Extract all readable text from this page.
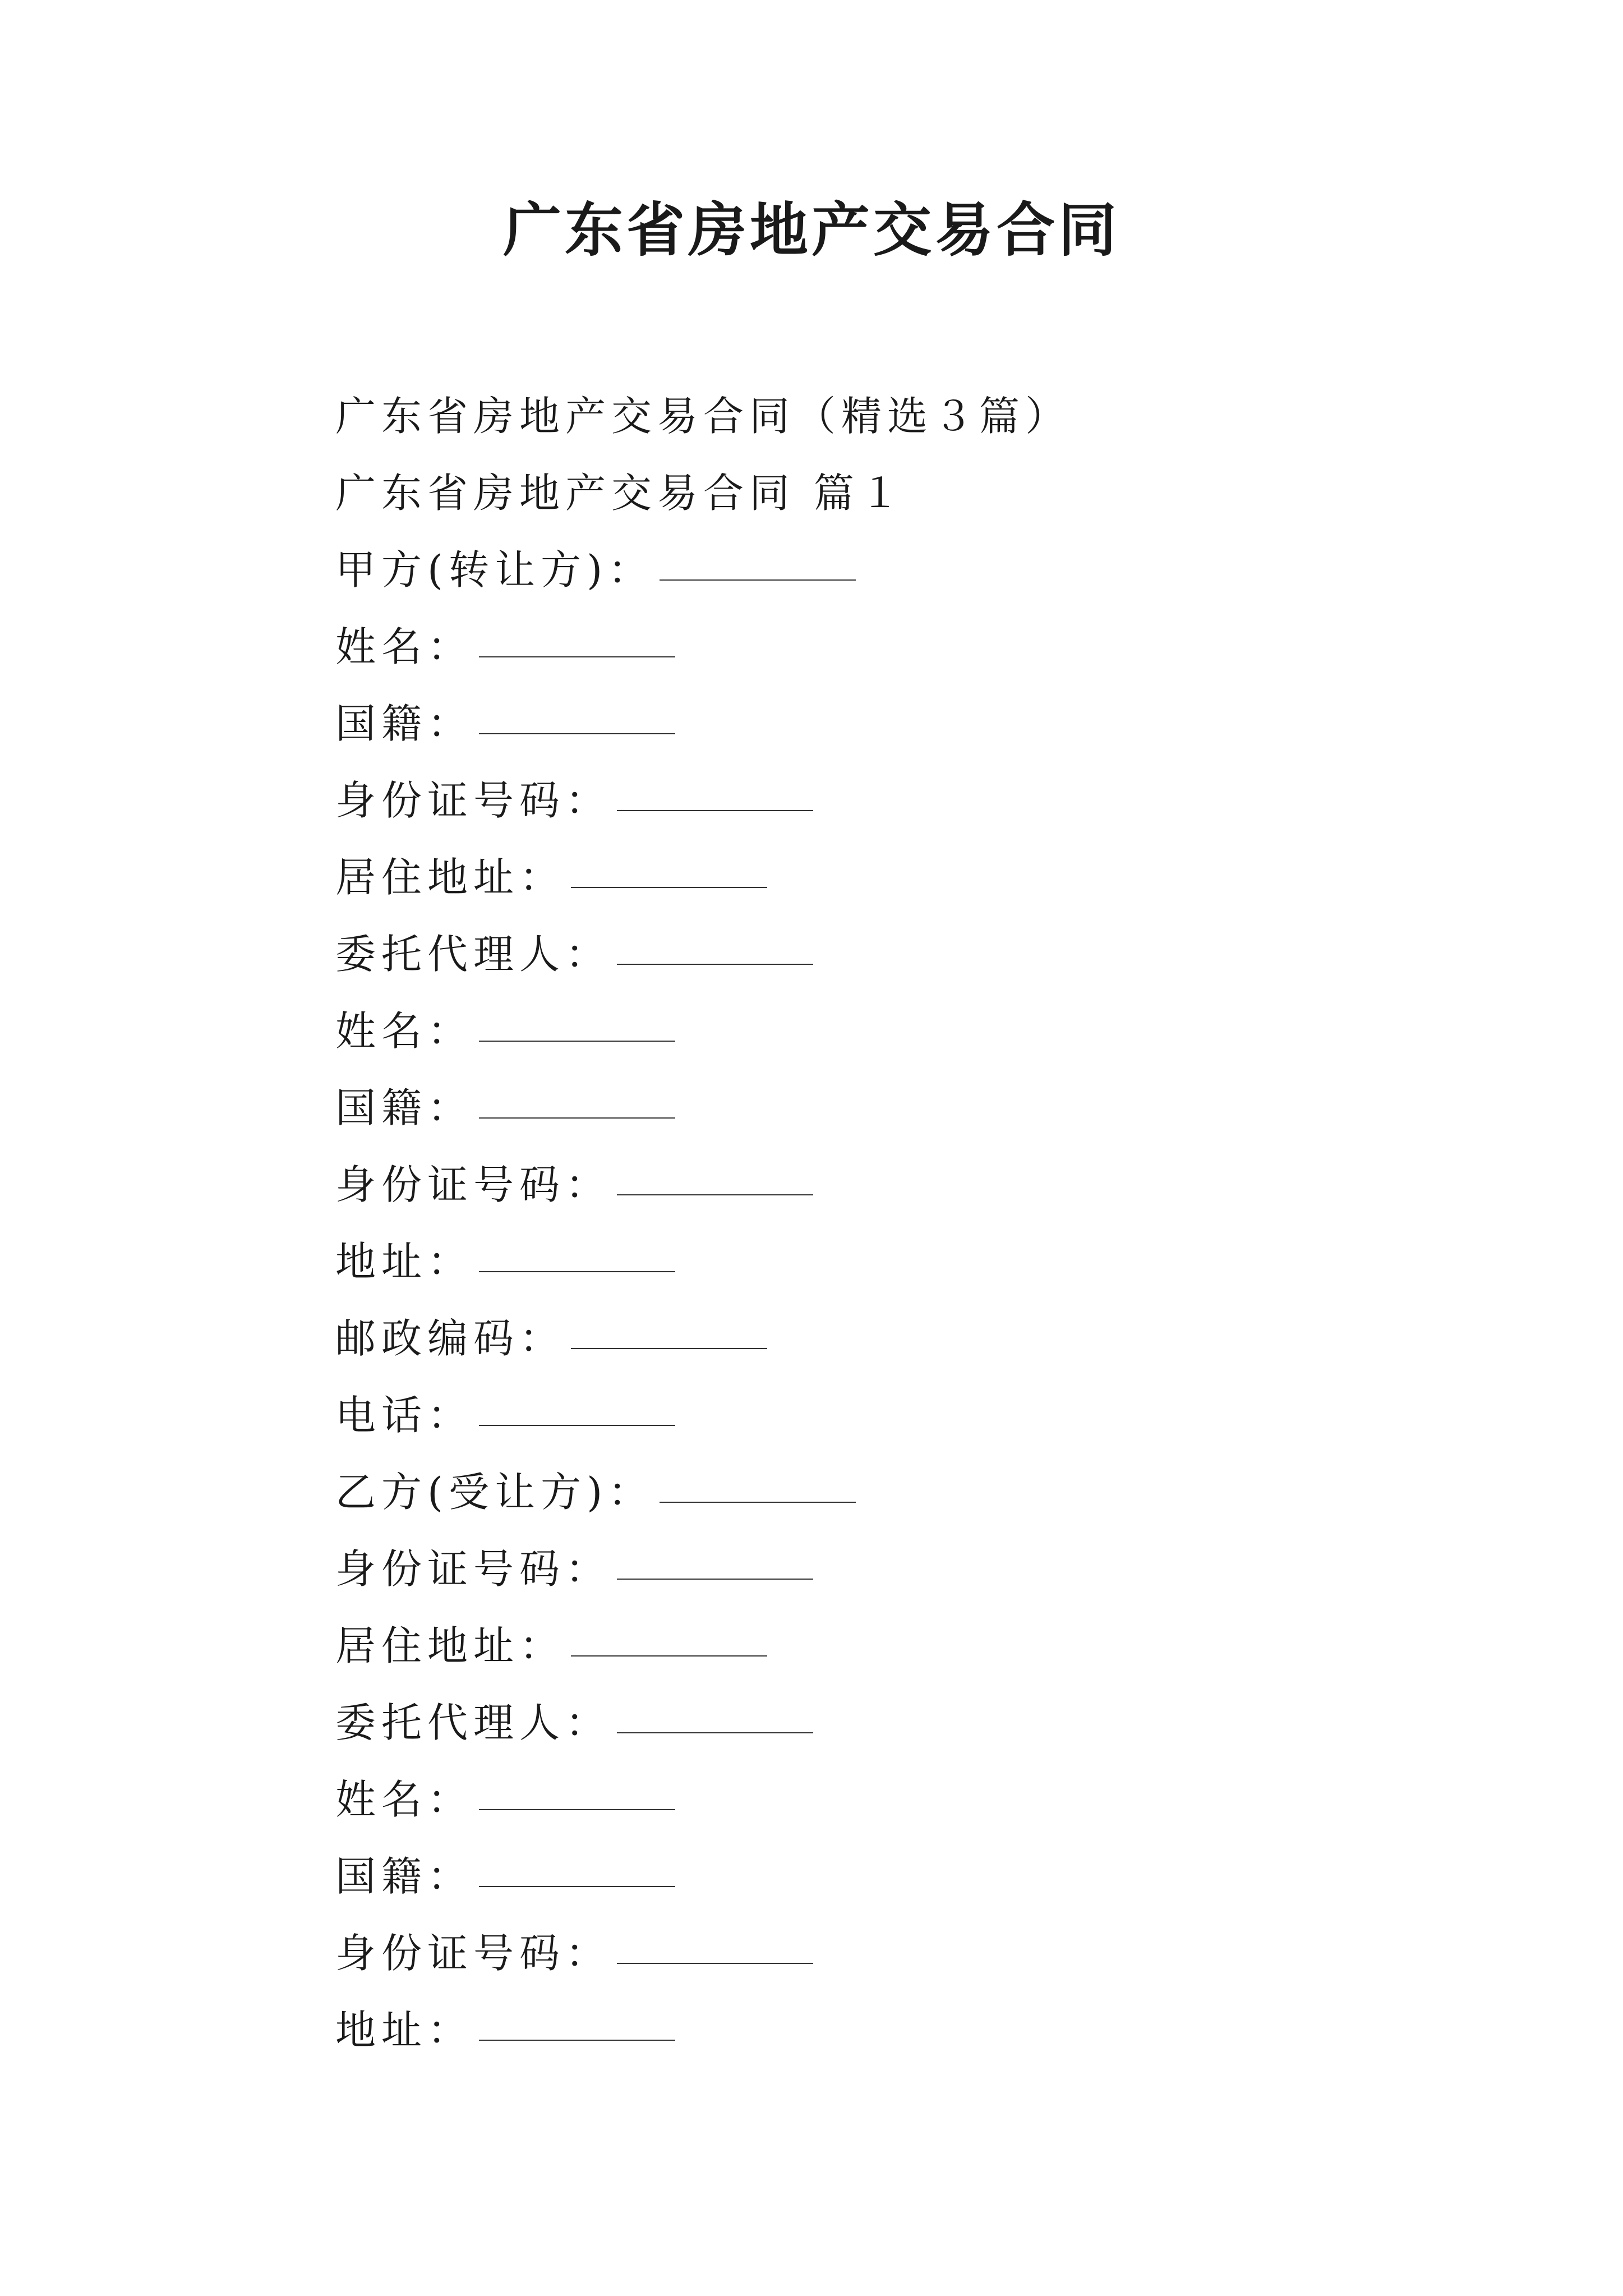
广东省房地产交易合同
广东省房地产交易合同（精选３篇）
广东省房地产交易合同 篇１
甲方(转让方)：
姓名：
国籍：
身份证号码：
居住地址：
委托代理人：
姓名：
国籍：
身份证号码：
地址：
邮政编码：
电话：
乙方(受让方)：
身份证号码：
居住地址：
委托代理人：
姓名：
国籍：
身份证号码：
地址：
